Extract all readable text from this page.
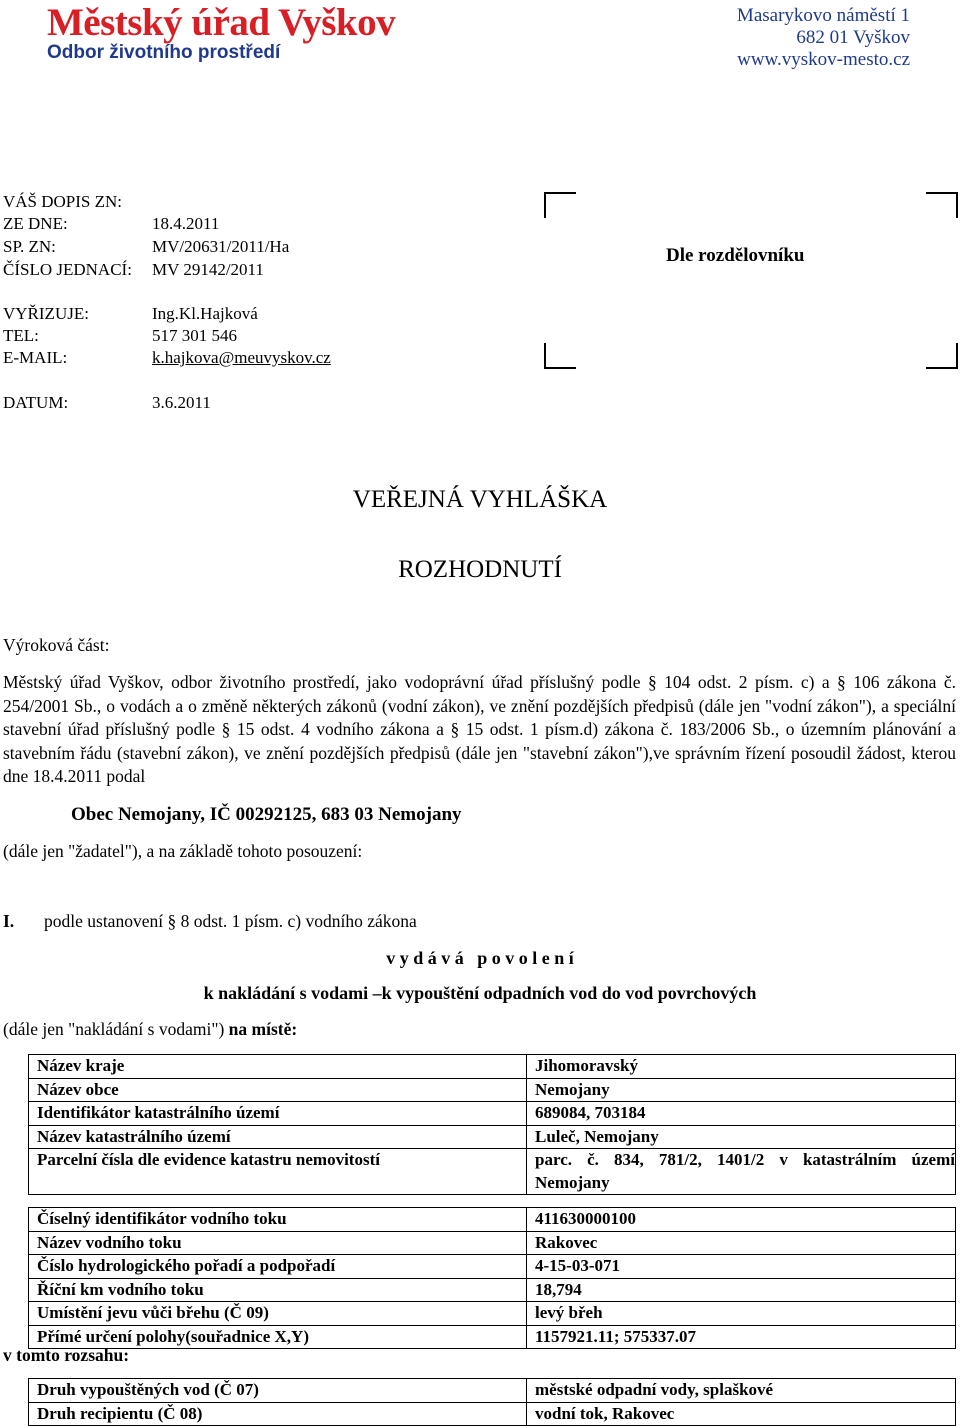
Městský úřad Vyškov
Odbor životního prostředí
Masarykovo náměstí 1
682 01 Vyškov
www.vyskov-mesto.cz
VÁŠ DOPIS ZN:
ZE DNE:	18.4.2011
SP. ZN:	MV/20631/2011/Ha
ČÍSLO JEDNACÍ: MV 29142/2011
VYŘIZUJE:	Ing.Kl.Hajková
TEL:	517 301 546
E-MAIL:	k.hajkova@meuvyskov.cz
DATUM:	3.6.2011
Dle rozdělovníku
VEŘEJNÁ VYHLÁŠKA
ROZHODNUTÍ
Výroková část:
Městský úřad Vyškov, odbor životního prostředí, jako vodoprávní úřad příslušný podle § 104 odst. 2 písm. c) a § 106 zákona č. 254/2001 Sb., o vodách a o změně některých zákonů (vodní zákon), ve znění pozdějších předpisů (dále jen "vodní zákon"), a speciální stavební úřad příslušný podle § 15 odst. 4 vodního zákona a § 15 odst. 1 písm.d) zákona č. 183/2006 Sb., o územním plánování a stavebním řádu (stavební zákon), ve znění pozdějších předpisů (dále jen "stavební zákon"),ve správním řízení posoudil žádost, kterou dne 18.4.2011 podal
Obec Nemojany, IČ 00292125, 683 03 Nemojany
(dále jen "žadatel"), a na základě tohoto posouzení:
I. podle ustanovení § 8 odst. 1 písm. c) vodního zákona
v y d á v á   p o v o l e n í
k nakládání s vodami –k vypouštění odpadních vod do vod povrchových
(dále jen "nakládání s vodami") na místě:
Název kraje	Jihomoravský
Název obce	Nemojany
Identifikátor katastrálního území	689084, 703184
Název katastrálního území	Luleč, Nemojany
Parcelní čísla dle evidence katastru nemovitostí	parc. č. 834, 781/2, 1401/2 v katastrálním území Nemojany

Číselný identifikátor vodního toku	411630000100
Název vodního toku	Rakovec
Číslo hydrologického pořadí a podpořadí	4-15-03-071
Říční km vodního toku	18,794
Umístění jevu vůči břehu (Č 09)	levý břeh
Přímé určení polohy(souřadnice X,Y)	1157921.11; 575337.07
v tomto rozsahu:
Druh vypouštěných vod (Č 07)	městské odpadní vody, splaškové
Druh recipientu (Č 08)	vodní tok, Rakovec
